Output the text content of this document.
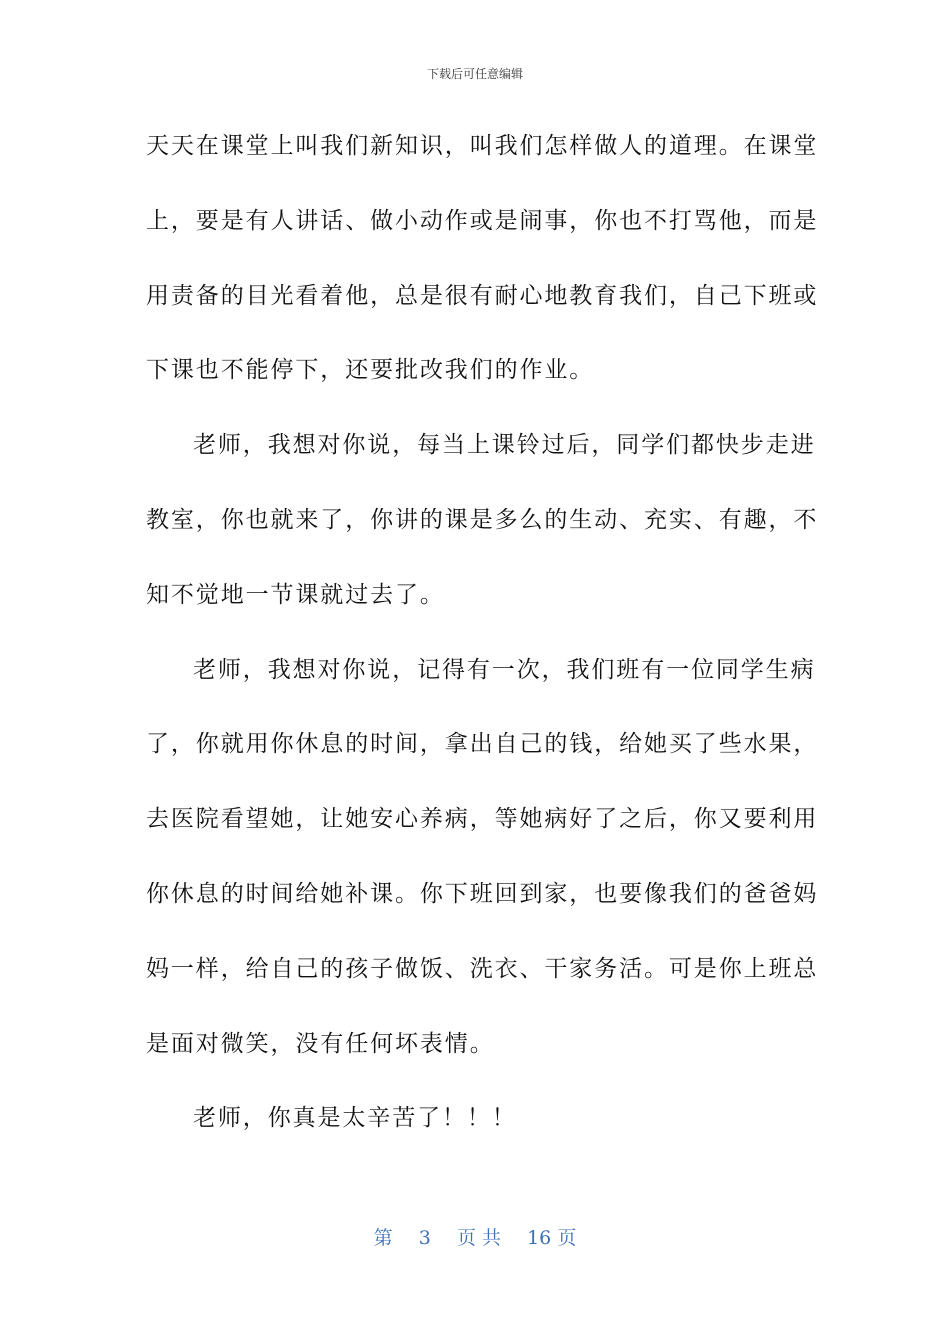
下载后可任意编辑
天天在课堂上叫我们新知识，叫我们怎样做人的道理。在课堂
上，要是有人讲话、做小动作或是闹事，你也不打骂他，而是
用责备的目光看着他，总是很有耐心地教育我们，自己下班或
下课也不能停下，还要批改我们的作业。
老师，我想对你说，每当上课铃过后，同学们都快步走进
教室，你也就来了，你讲的课是多么的生动、充实、有趣，不
知不觉地一节课就过去了。
老师，我想对你说，记得有一次，我们班有一位同学生病
了，你就用你休息的时间，拿出自己的钱，给她买了些水果，
去医院看望她，让她安心养病，等她病好了之后，你又要利用
你休息的时间给她补课。你下班回到家，也要像我们的爸爸妈
妈一样，给自己的孩子做饭、洗衣、干家务活。可是你上班总
是面对微笑，没有任何坏表情。
老师，你真是太辛苦了！！！
第 3 页 共 16 页
